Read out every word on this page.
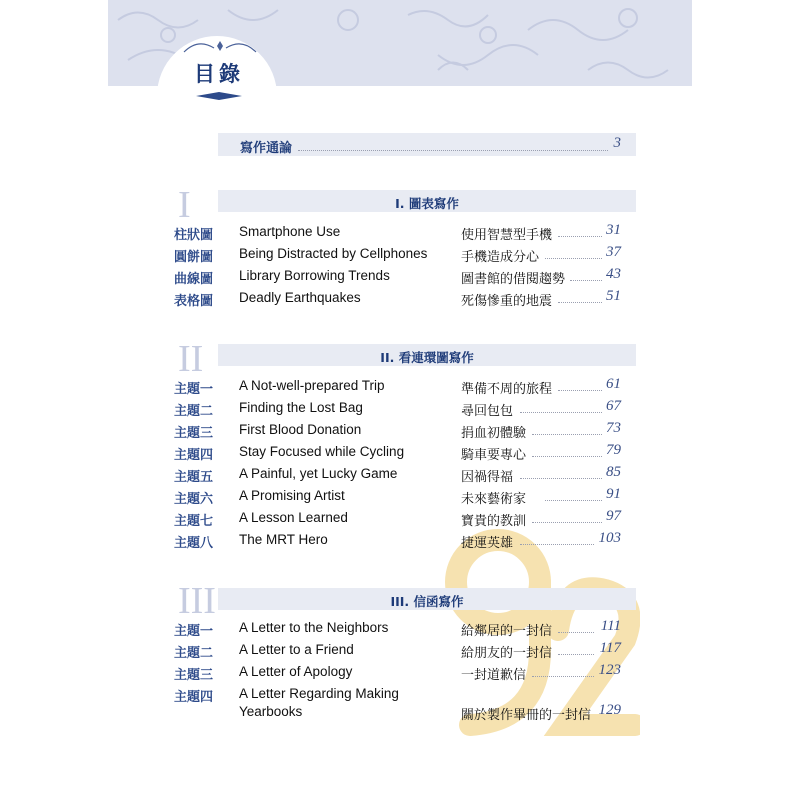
目錄
寫作通論	3
I	I. 圖表寫作
柱狀圖 Smartphone Use	使用智慧型手機	31
圓餅圖 Being Distracted by Cellphones	手機造成分心	37
曲線圖 Library Borrowing Trends	圖書館的借閱趨勢	43
表格圖 Deadly Earthquakes	死傷慘重的地震	51
II	II. 看連環圖寫作
主題一 A Not-well-prepared Trip	準備不周的旅程	61
主題二 Finding the Lost Bag	尋回包包	67
主題三 First Blood Donation	捐血初體驗	73
主題四 Stay Focused while Cycling	騎車要專心	79
主題五 A Painful, yet Lucky Game	因禍得福	85
主題六 A Promising Artist	未來藝術家	91
主題七 A Lesson Learned	寶貴的教訓	97
主題八 The MRT Hero	捷運英雄	103
III	III. 信函寫作
主題一 A Letter to the Neighbors	給鄰居的一封信	111
主題二 A Letter to a Friend	給朋友的一封信	117
主題三 A Letter of Apology	一封道歉信	123
主題四 A Letter Regarding Making
Yearbooks	關於製作畢冊的一封信 129
